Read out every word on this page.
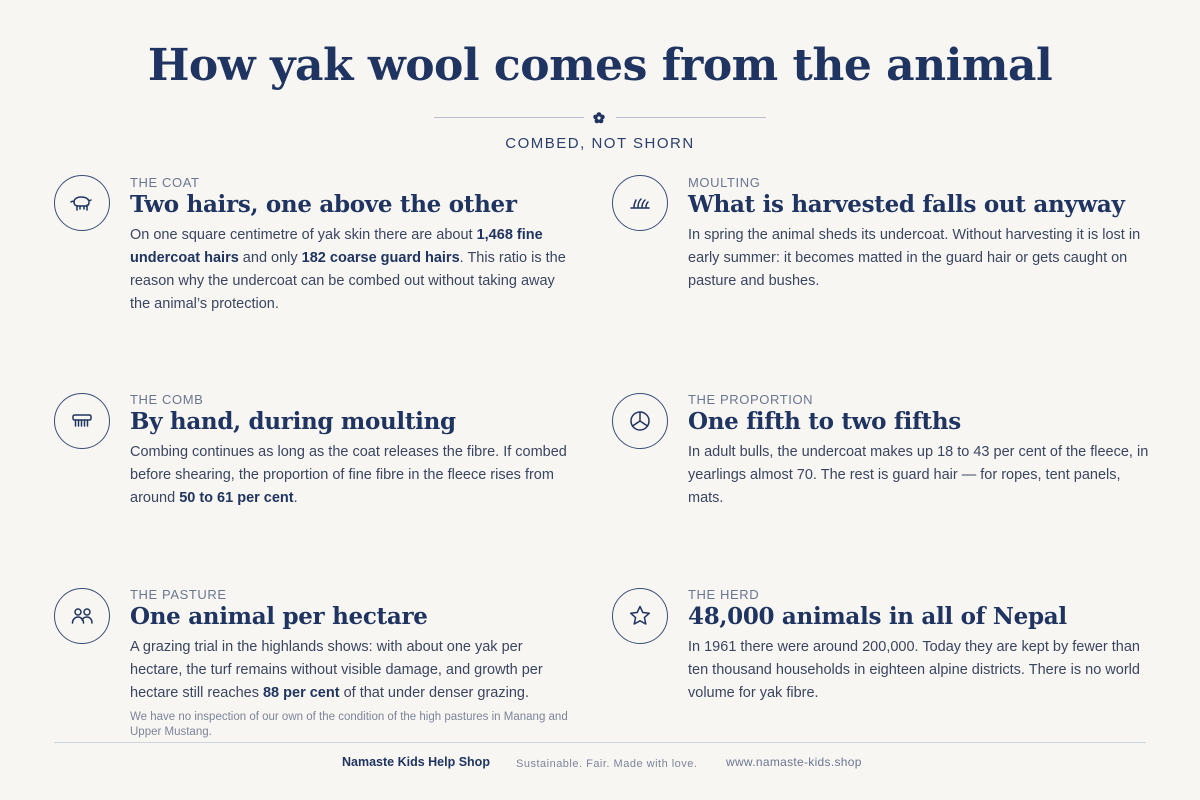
How yak wool comes from the animal
COMBED, NOT SHORN

THE COAT

Two hairs, one above the other

On one square centimetre of yak skin there are about 1,468 fine undercoat hairs and only 182 coarse guard hairs. This ratio is the reason why the undercoat can be combed out without taking away the animal’s protection.

MOULTING

What is harvested falls out anyway

In spring the animal sheds its undercoat. Without harvesting it is lost in early summer: it becomes matted in the guard hair or gets caught on pasture and bushes.

THE COMB

By hand, during moulting

Combing continues as long as the coat releases the fibre. If combed before shearing, the proportion of fine fibre in the fleece rises from around 50 to 61 per cent.

THE PROPORTION

One fifth to two fifths

In adult bulls, the undercoat makes up 18 to 43 per cent of the fleece, in yearlings almost 70. The rest is guard hair — for ropes, tent panels, mats.

THE PASTURE

One animal per hectare

A grazing trial in the highlands shows: with about one yak per hectare, the turf remains without visible damage, and growth per hectare still reaches 88 per cent of that under denser grazing.

We have no inspection of our own of the condition of the high pastures in Manang and Upper Mustang.

THE HERD

48,000 animals in all of Nepal

In 1961 there were around 200,000. Today they are kept by fewer than ten thousand households in eighteen alpine districts. There is no world volume for yak fibre.

Namaste Kids Help Shop Sustainable. Fair. Made with love. www.namaste-kids.shop
